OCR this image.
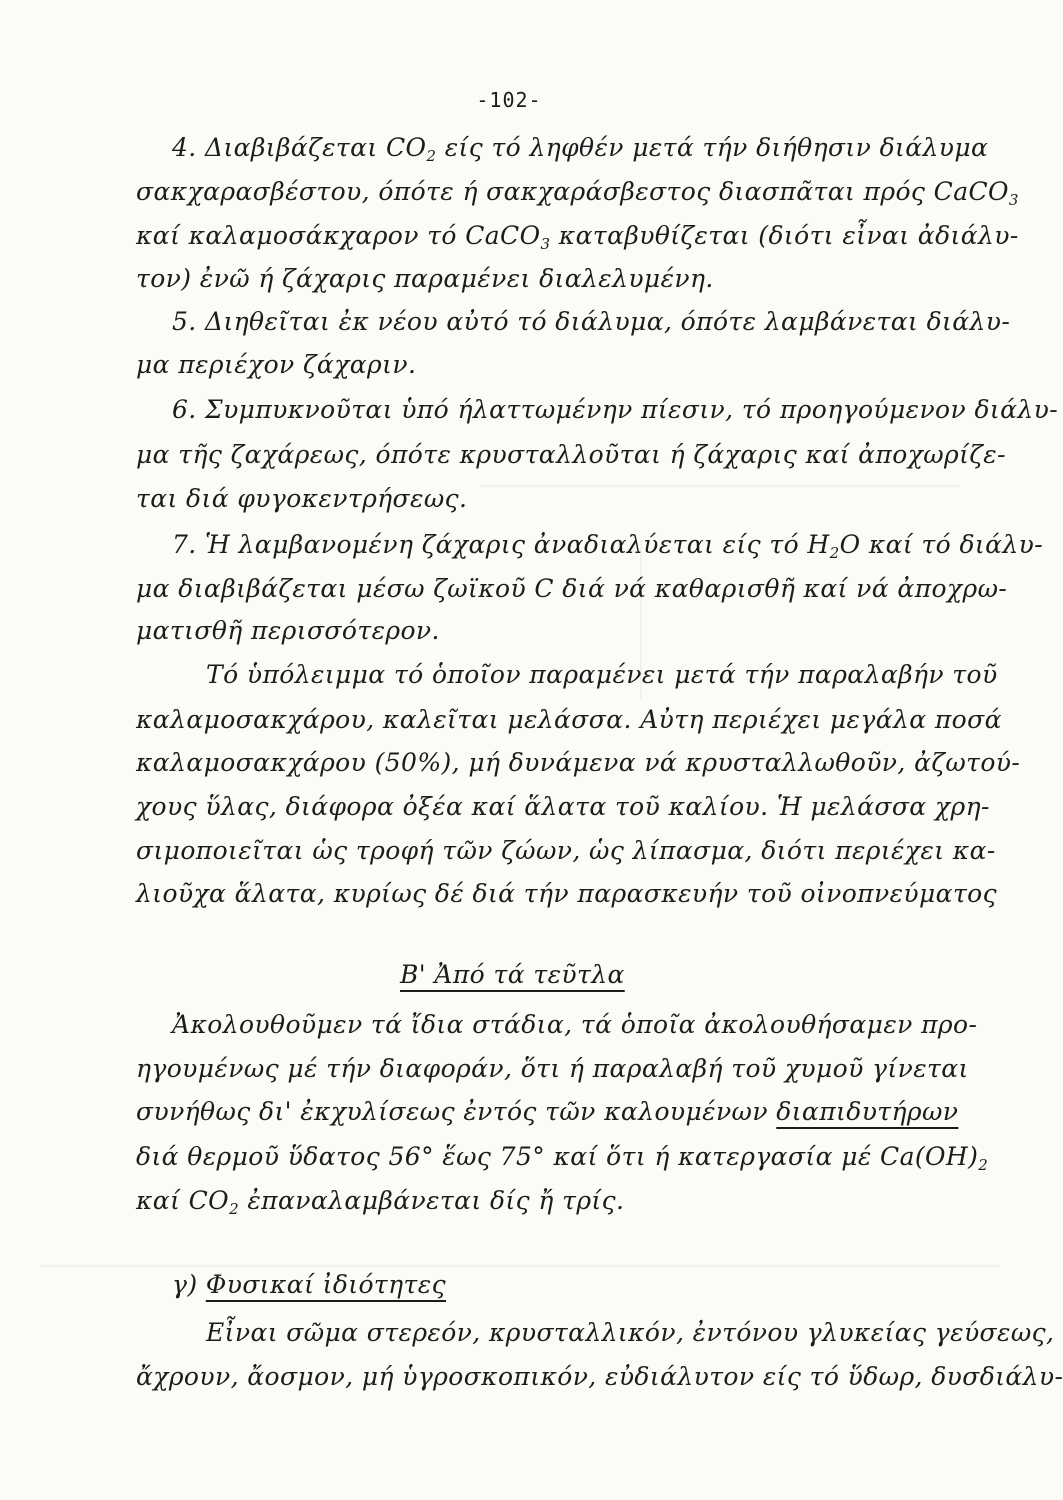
-102-
4. Διαβιβάζεται $CO_2$ είς τό ληφθέν μετά τήν διήθησιν διάλυμα
σακχαρασβέστου, όπότε ή σακχαράσβεστος διασπᾶται πρός CaCO$_3$
καί καλαμοσάκχαρον τό CaCO$_3$ καταβυθίζεται (διότι εἶναι ἀδιάλυ-
τον) ἐνῶ ή ζάχαρις παραμένει διαλελυμένη.
5. Διηθεῖται ἐκ νέου αὐτό τό διάλυμα, όπότε λαμβάνεται διάλυ-
μα περιέχον ζάχαριν.
6. Συμπυκνοῦται ὑπό ήλαττωμένην πίεσιν, τό προηγούμενον διάλυ-
μα τῆς ζαχάρεως, όπότε κρυσταλλοῦται ή ζάχαρις καί ἀποχωρίζε-
ται διά φυγοκεντρήσεως.
7. Ἡ λαμβανομένη ζάχαρις ἀναδιαλύεται είς τό $H_2O$ καί τό διάλυ-
μα διαβιβάζεται μέσω ζωϊκοῦ C διά νά καθαρισθῆ καί νά ἀποχρω-
ματισθῆ περισσότερον.
Τό ὑπόλειμμα τό ὁποῖον παραμένει μετά τήν παραλαβήν τοῦ
καλαμοσακχάρου, καλεῖται μελάσσα. Αὐτη περιέχει μεγάλα ποσά
καλαμοσακχάρου (50%), μή δυνάμενα νά κρυσταλλωθοῦν, ἀζωτού-
χους ὕλας, διάφορα ὀξέα καί ἅλατα τοῦ καλίου. Ἡ μελάσσα χρη-
σιμοποιεῖται ὡς τροφή τῶν ζώων, ὡς λίπασμα, διότι περιέχει κα-
λιοῦχα ἅλατα, κυρίως δέ διά τήν παρασκευήν τοῦ οἰνοπνεύματος
Β' Ἀπό τά τεῦτλα
Ἀκολουθοῦμεν τά ἴδια στάδια, τά ὁποῖα ἀκολουθήσαμεν προ-
ηγουμένως μέ τήν διαφοράν, ὅτι ή παραλαβή τοῦ χυμοῦ γίνεται
συνήθως δι' ἐκχυλίσεως ἐντός τῶν καλουμένων διαπιδυτήρων
διά θερμοῦ ὕδατος 56° ἕως 75° καί ὅτι ή κατεργασία μέ $Ca(OH)_2$
καί $CO_2$ ἐπαναλαμβάνεται δίς ἤ τρίς.
γ) Φυσικαί ἰδιότητες
Εἶναι σῶμα στερεόν, κρυσταλλικόν, ἐντόνου γλυκείας γεύσεως,
ἄχρουν, ἄοσμον, μή ὑγροσκοπικόν, εὐδιάλυτον είς τό ὕδωρ, δυσδιάλυ-
